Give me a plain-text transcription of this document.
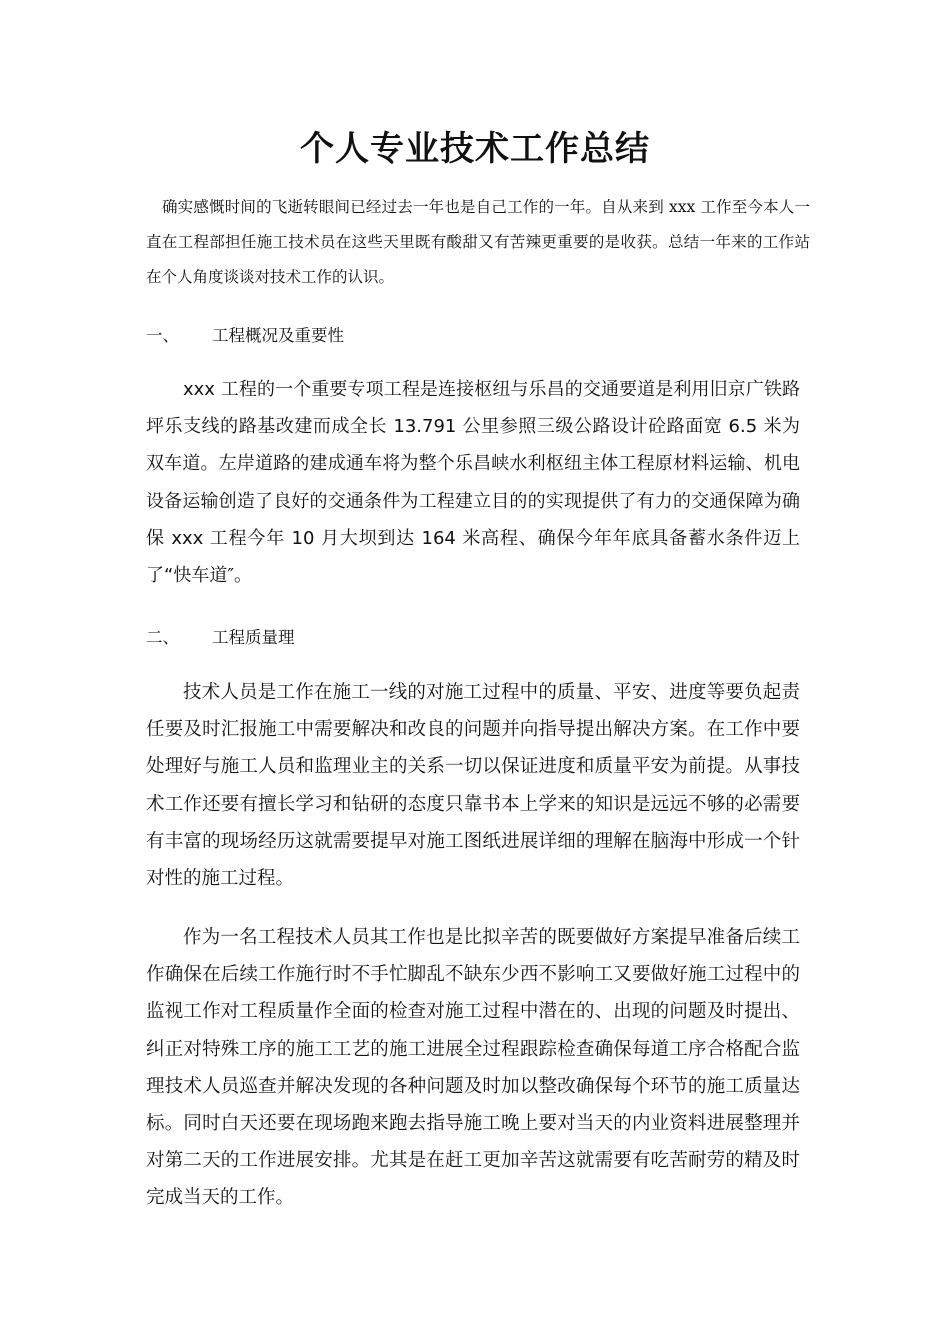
个人专业技术工作总结

确实感慨时间的飞逝转眼间已经过去一年也是自己工作的一年。自从来到 xxx 工作至今本人一直在工程部担任施工技术员在这些天里既有酸甜又有苦辣更重要的是收获。总结一年来的工作站在个人角度谈谈对技术工作的认识。

一、 工程概况及重要性

xxx 工程的一个重要专项工程是连接枢纽与乐昌的交通要道是利用旧京广铁路坪乐支线的路基改建而成全长 13.791 公里参照三级公路设计砼路面宽 6.5 米为双车道。左岸道路的建成通车将为整个乐昌峡水利枢纽主体工程原材料运输、机电设备运输创造了良好的交通条件为工程建立目的的实现提供了有力的交通保障为确保 xxx 工程今年 10 月大坝到达 164 米高程、确保今年年底具备蓄水条件迈上了“快车道″。

二、 工程质量理

技术人员是工作在施工一线的对施工过程中的质量、平安、进度等要负起责任要及时汇报施工中需要解决和改良的问题并向指导提出解决方案。在工作中要处理好与施工人员和监理业主的关系一切以保证进度和质量平安为前提。从事技术工作还要有擅长学习和钻研的态度只靠书本上学来的知识是远远不够的必需要有丰富的现场经历这就需要提早对施工图纸进展详细的理解在脑海中形成一个针对性的施工过程。

作为一名工程技术人员其工作也是比拟辛苦的既要做好方案提早准备后续工作确保在后续工作施行时不手忙脚乱不缺东少西不影响工又要做好施工过程中的监视工作对工程质量作全面的检查对施工过程中潜在的、出现的问题及时提出、纠正对特殊工序的施工工艺的施工进展全过程跟踪检查确保每道工序合格配合监理技术人员巡查并解决发现的各种问题及时加以整改确保每个环节的施工质量达标。同时白天还要在现场跑来跑去指导施工晚上要对当天的内业资料进展整理并对第二天的工作进展安排。尤其是在赶工更加辛苦这就需要有吃苦耐劳的精及时完成当天的工作。
